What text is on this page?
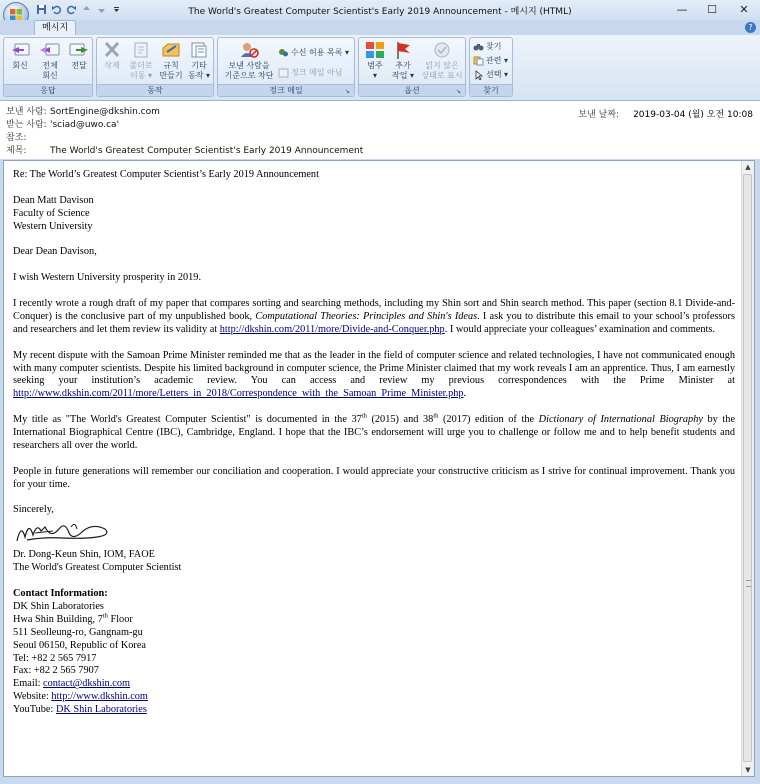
The World's Greatest Computer Scientist's Early 2019 Announcement - 메시지 (HTML)	—	☐	✕
메시지	?
회신	전체
회신
전달
응답
삭제	폴더로
이동 ▾
규칙
만들기
기타
동작 ▾
동작
보낸 사람을
기준으로 차단
수신 허용 목록 ▾
정크 메일 아님
정크 메일	↘
범주
▾
추가
작업 ▾
읽지 않은
상태로 표시
옵션	↘
찾기
관련 ▾
선택 ▾
찾기
보낸 사람: SortEngine@dkshin.com
받는 사람: 'sciad@uwo.ca'
참조:
제목:	The World's Greatest Computer Scientist's Early 2019 Announcement
보낸 날짜: 2019-03-04 (월) 오전 10:08

Re: The World’s Greatest Computer Scientist’s Early 2019 Announcement

Dean Matt Davison
Faculty of Science
Western University

Dear Dean Davison,

I wish Western University prosperity in 2019.

I recently wrote a rough draft of my paper that compares sorting and searching methods, including my Shin sort and Shin search method. This paper (section 8.1 Divide-and-Conquer) is the conclusive part of my unpublished book, Computational Theories: Principles and Shin's Ideas. I ask you to distribute this email to your school’s professors and researchers and let them review its validity at http://dkshin.com/2011/more/Divide-and-Conquer.php. I would appreciate your colleagues’ examination and comments.

My recent dispute with the Samoan Prime Minister reminded me that as the leader in the field of computer science and related technologies, I have not communicated enough with many computer scientists. Despite his limited background in computer science, the Prime Minister claimed that my work reveals I am an apprentice. Thus, I am earnestly seeking your institution’s academic review. You can access and review my previous correspondences with the Prime Minister at http://www.dkshin.com/2011/more/Letters_in_2018/Correspondence_with_the_Samoan_Prime_Minister.php.

My title as "The World's Greatest Computer Scientist" is documented in the 37th (2015) and 38th (2017) edition of the Dictionary of International Biography by the International Biographical Centre (IBC), Cambridge, England. I hope that the IBC’s endorsement will urge you to challenge or follow me and to help benefit students and researchers all over the world.

People in future generations will remember our conciliation and cooperation. I would appreciate your constructive criticism as I strive for continual improvement. Thank you for your time.

Sincerely,

Dr. Dong-Keun Shin, IOM, FAOE
The World's Greatest Computer Scientist

Contact Information:
DK Shin Laboratories
Hwa Shin Building, 7th Floor
511 Seolleung-ro, Gangnam-gu
Seoul 06150, Republic of Korea
Tel: +82 2 565 7917
Fax: +82 2 565 7907
Email: contact@dkshin.com
Website: http://www.dkshin.com
YouTube: DK Shin Laboratories
▲
▼
